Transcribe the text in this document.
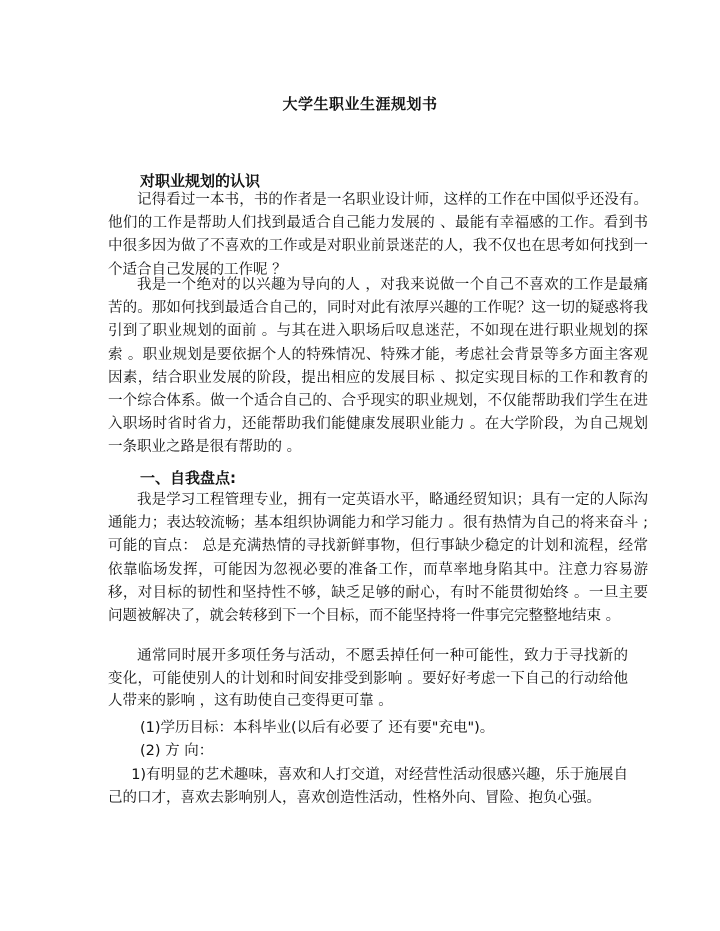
大学生职业生涯规划书
对职业规划的认识

记得看过一本书，书的作者是一名职业设计师，这样的工作在中国似乎还没有。他们的工作是帮助人们找到最适合自己能力发展的 、最能有幸福感的工作。看到书中很多因为做了不喜欢的工作或是对职业前景迷茫的人，我不仅也在思考如何找到一个适合自己发展的工作呢 ？

我是一个绝对的以兴趣为导向的人 ，对我来说做一个自己不喜欢的工作是最痛苦的。那如何找到最适合自己的，同时对此有浓厚兴趣的工作呢？这一切的疑惑将我引到了职业规划的面前 。与其在进入职场后叹息迷茫，不如现在进行职业规划的探索 。职业规划是要依据个人的特殊情况、特殊才能，考虑社会背景等多方面主客观因素，结合职业发展的阶段，提出相应的发展目标 、拟定实现目标的工作和教育的一个综合体系。做一个适合自己的、合乎现实的职业规划，不仅能帮助我们学生在进入职场时省时省力，还能帮助我们能健康发展职业能力 。在大学阶段，为自己规划一条职业之路是很有帮助的 。

一、自我盘点:

我是学习工程管理专业，拥有一定英语水平，略通经贸知识；具有一定的人际沟通能力；表达较流畅；基本组织协调能力和学习能力 。很有热情为自己的将来奋斗 ;可能的盲点： 总是充满热情的寻找新鲜事物，但行事缺少稳定的计划和流程，经常依靠临场发挥，可能因为忽视必要的准备工作，而草率地身陷其中。注意力容易游移，对目标的韧性和坚持性不够，缺乏足够的耐心，有时不能贯彻始终 。一旦主要问题被解决了，就会转移到下一个目标，而不能坚持将一件事完完整整地结束 。

通常同时展开多项任务与活动，不愿丢掉任何一种可能性，致力于寻找新的变化，可能使别人的计划和时间安排受到影响 。要好好考虑一下自己的行动给他人带来的影响 ，这有助使自己变得更可靠 。

(1)学历目标：本科毕业(以后有必要了 还有要"充电")。
(2) 方 向：

1)有明显的艺术趣味，喜欢和人打交道，对经营性活动很感兴趣，乐于施展自己的口才，喜欢去影响别人，喜欢创造性活动，性格外向、冒险、抱负心强。
